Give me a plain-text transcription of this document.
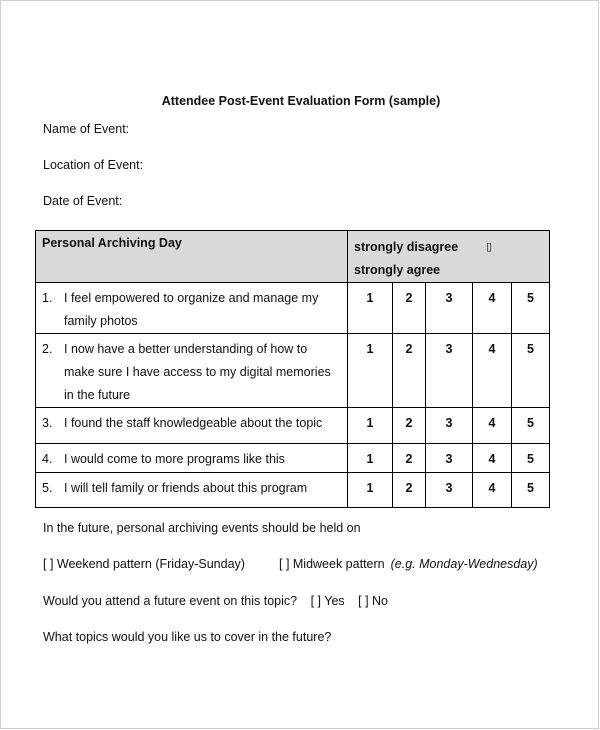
Attendee Post-Event Evaluation Form (sample)
Name of Event:
Location of Event:
Date of Event:
Personal Archiving Day	strongly disagree ▯
strongly agree				

1. I feel empowered to organize and manage my family photos	1	2	3	4	5
2. I now have a better understanding of how to make sure I have access to my digital memories in the future	1	2	3	4	5
3. I found the staff knowledgeable about the topic	1	2	3	4	5
4. I would come to more programs like this	1	2	3	4	5
5. I will tell family or friends about this program	1	2	3	4	5
In the future, personal archiving events should be held on
[ ] Weekend pattern (Friday-Sunday)	[ ] Midweek pattern (e.g. Monday-Wednesday)
Would you attend a future event on this topic? [ ] Yes [ ] No
What topics would you like us to cover in the future?
